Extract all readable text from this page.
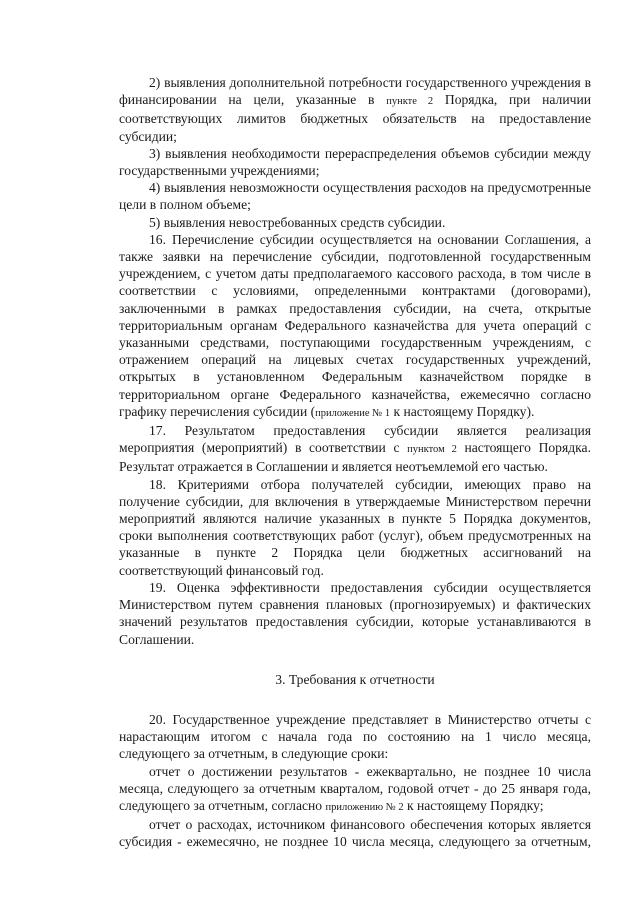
2) выявления дополнительной потребности государственного учреждения в финансировании на цели, указанные в пункте 2 Порядка, при наличии соответствующих лимитов бюджетных обязательств на предоставление субсидии;

3) выявления необходимости перераспределения объемов субсидии между государственными учреждениями;

4) выявления невозможности осуществления расходов на предусмотренные цели в полном объеме;

5) выявления невостребованных средств субсидии.

16. Перечисление субсидии осуществляется на основании Соглашения, а также заявки на перечисление субсидии, подготовленной государственным учреждением, с учетом даты предполагаемого кассового расхода, в том числе в соответствии с условиями, определенными контрактами (договорами), заключенными в рамках предоставления субсидии, на счета, открытые территориальным органам Федерального казначейства для учета операций с указанными средствами, поступающими государственным учреждениям, с отражением операций на лицевых счетах государственных учреждений, открытых в установленном Федеральным казначейством порядке в территориальном органе Федерального казначейства, ежемесячно согласно графику перечисления субсидии (приложение № 1 к настоящему Порядку).

17. Результатом предоставления субсидии является реализация мероприятия (мероприятий) в соответствии с пунктом 2 настоящего Порядка. Результат отражается в Соглашении и является неотъемлемой его частью.

18. Критериями отбора получателей субсидии, имеющих право на получение субсидии, для включения в утверждаемые Министерством перечни мероприятий являются наличие указанных в пункте 5 Порядка документов, сроки выполнения соответствующих работ (услуг), объем предусмотренных на указанные в пункте 2 Порядка цели бюджетных ассигнований на соответствующий финансовый год.

19. Оценка эффективности предоставления субсидии осуществляется Министерством путем сравнения плановых (прогнозируемых) и фактических значений результатов предоставления субсидии, которые устанавливаются в Соглашении.

3. Требования к отчетности

20. Государственное учреждение представляет в Министерство отчеты с нарастающим итогом с начала года по состоянию на 1 число месяца, следующего за отчетным, в следующие сроки:

отчет о достижении результатов - ежеквартально, не позднее 10 числа месяца, следующего за отчетным кварталом, годовой отчет - до 25 января года, следующего за отчетным, согласно приложению № 2 к настоящему Порядку;

отчет о расходах, источником финансового обеспечения которых является субсидия - ежемесячно, не позднее 10 числа месяца, следующего за отчетным,
